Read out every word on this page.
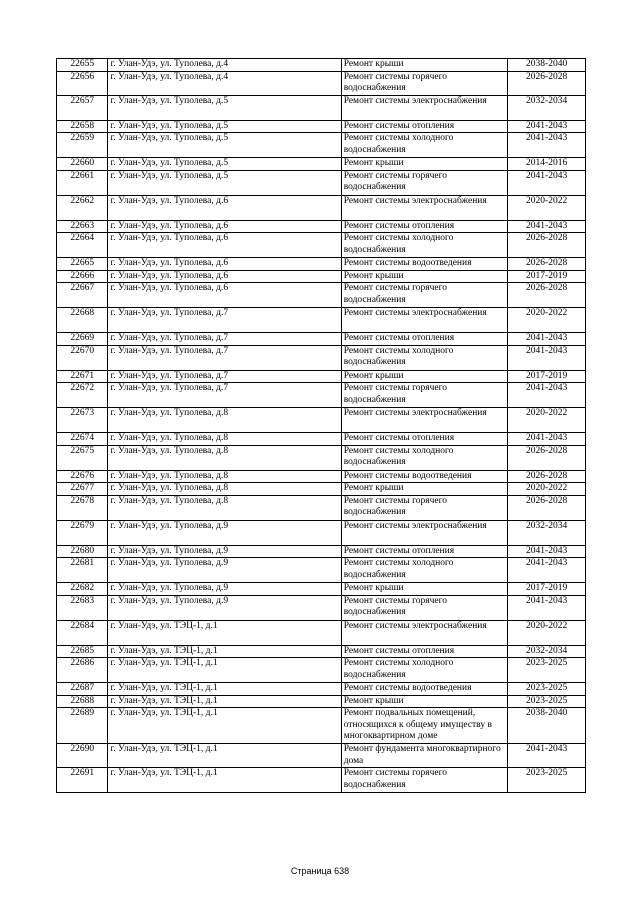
22655	г. Улан-Удэ, ул. Туполева, д.4	Ремонт крыши	2038-2040
22656	г. Улан-Удэ, ул. Туполева, д.4	Ремонт системы горячего водоснабжения	2026-2028
22657	г. Улан-Удэ, ул. Туполева, д.5	Ремонт системы электроснабжения	2032-2034
22658	г. Улан-Удэ, ул. Туполева, д.5	Ремонт системы отопления	2041-2043
22659	г. Улан-Удэ, ул. Туполева, д.5	Ремонт системы холодного водоснабжения	2041-2043
22660	г. Улан-Удэ, ул. Туполева, д.5	Ремонт крыши	2014-2016
22661	г. Улан-Удэ, ул. Туполева, д.5	Ремонт системы горячего водоснабжения	2041-2043
22662	г. Улан-Удэ, ул. Туполева, д.6	Ремонт системы электроснабжения	2020-2022
22663	г. Улан-Удэ, ул. Туполева, д.6	Ремонт системы отопления	2041-2043
22664	г. Улан-Удэ, ул. Туполева, д.6	Ремонт системы холодного водоснабжения	2026-2028
22665	г. Улан-Удэ, ул. Туполева, д.6	Ремонт системы водоотведения	2026-2028
22666	г. Улан-Удэ, ул. Туполева, д.6	Ремонт крыши	2017-2019
22667	г. Улан-Удэ, ул. Туполева, д.6	Ремонт системы горячего водоснабжения	2026-2028
22668	г. Улан-Удэ, ул. Туполева, д.7	Ремонт системы электроснабжения	2020-2022
22669	г. Улан-Удэ, ул. Туполева, д.7	Ремонт системы отопления	2041-2043
22670	г. Улан-Удэ, ул. Туполева, д.7	Ремонт системы холодного водоснабжения	2041-2043
22671	г. Улан-Удэ, ул. Туполева, д.7	Ремонт крыши	2017-2019
22672	г. Улан-Удэ, ул. Туполева, д.7	Ремонт системы горячего водоснабжения	2041-2043
22673	г. Улан-Удэ, ул. Туполева, д.8	Ремонт системы электроснабжения	2020-2022
22674	г. Улан-Удэ, ул. Туполева, д.8	Ремонт системы отопления	2041-2043
22675	г. Улан-Удэ, ул. Туполева, д.8	Ремонт системы холодного водоснабжения	2026-2028
22676	г. Улан-Удэ, ул. Туполева, д.8	Ремонт системы водоотведения	2026-2028
22677	г. Улан-Удэ, ул. Туполева, д.8	Ремонт крыши	2020-2022
22678	г. Улан-Удэ, ул. Туполева, д.8	Ремонт системы горячего водоснабжения	2026-2028
22679	г. Улан-Удэ, ул. Туполева, д.9	Ремонт системы электроснабжения	2032-2034
22680	г. Улан-Удэ, ул. Туполева, д.9	Ремонт системы отопления	2041-2043
22681	г. Улан-Удэ, ул. Туполева, д.9	Ремонт системы холодного водоснабжения	2041-2043
22682	г. Улан-Удэ, ул. Туполева, д.9	Ремонт крыши	2017-2019
22683	г. Улан-Удэ, ул. Туполева, д.9	Ремонт системы горячего водоснабжения	2041-2043
22684	г. Улан-Удэ, ул. ТЭЦ-1, д.1	Ремонт системы электроснабжения	2020-2022
22685	г. Улан-Удэ, ул. ТЭЦ-1, д.1	Ремонт системы отопления	2032-2034
22686	г. Улан-Удэ, ул. ТЭЦ-1, д.1	Ремонт системы холодного водоснабжения	2023-2025
22687	г. Улан-Удэ, ул. ТЭЦ-1, д.1	Ремонт системы водоотведения	2023-2025
22688	г. Улан-Удэ, ул. ТЭЦ-1, д.1	Ремонт крыши	2023-2025
22689	г. Улан-Удэ, ул. ТЭЦ-1, д.1	Ремонт подвальных помещений, относящихся к общему имуществу в многоквартирном доме	2038-2040
22690	г. Улан-Удэ, ул. ТЭЦ-1, д.1	Ремонт фундамента многоквартирного дома	2041-2043
22691	г. Улан-Удэ, ул. ТЭЦ-1, д.1	Ремонт системы горячего водоснабжения	2023-2025
Страница 638
